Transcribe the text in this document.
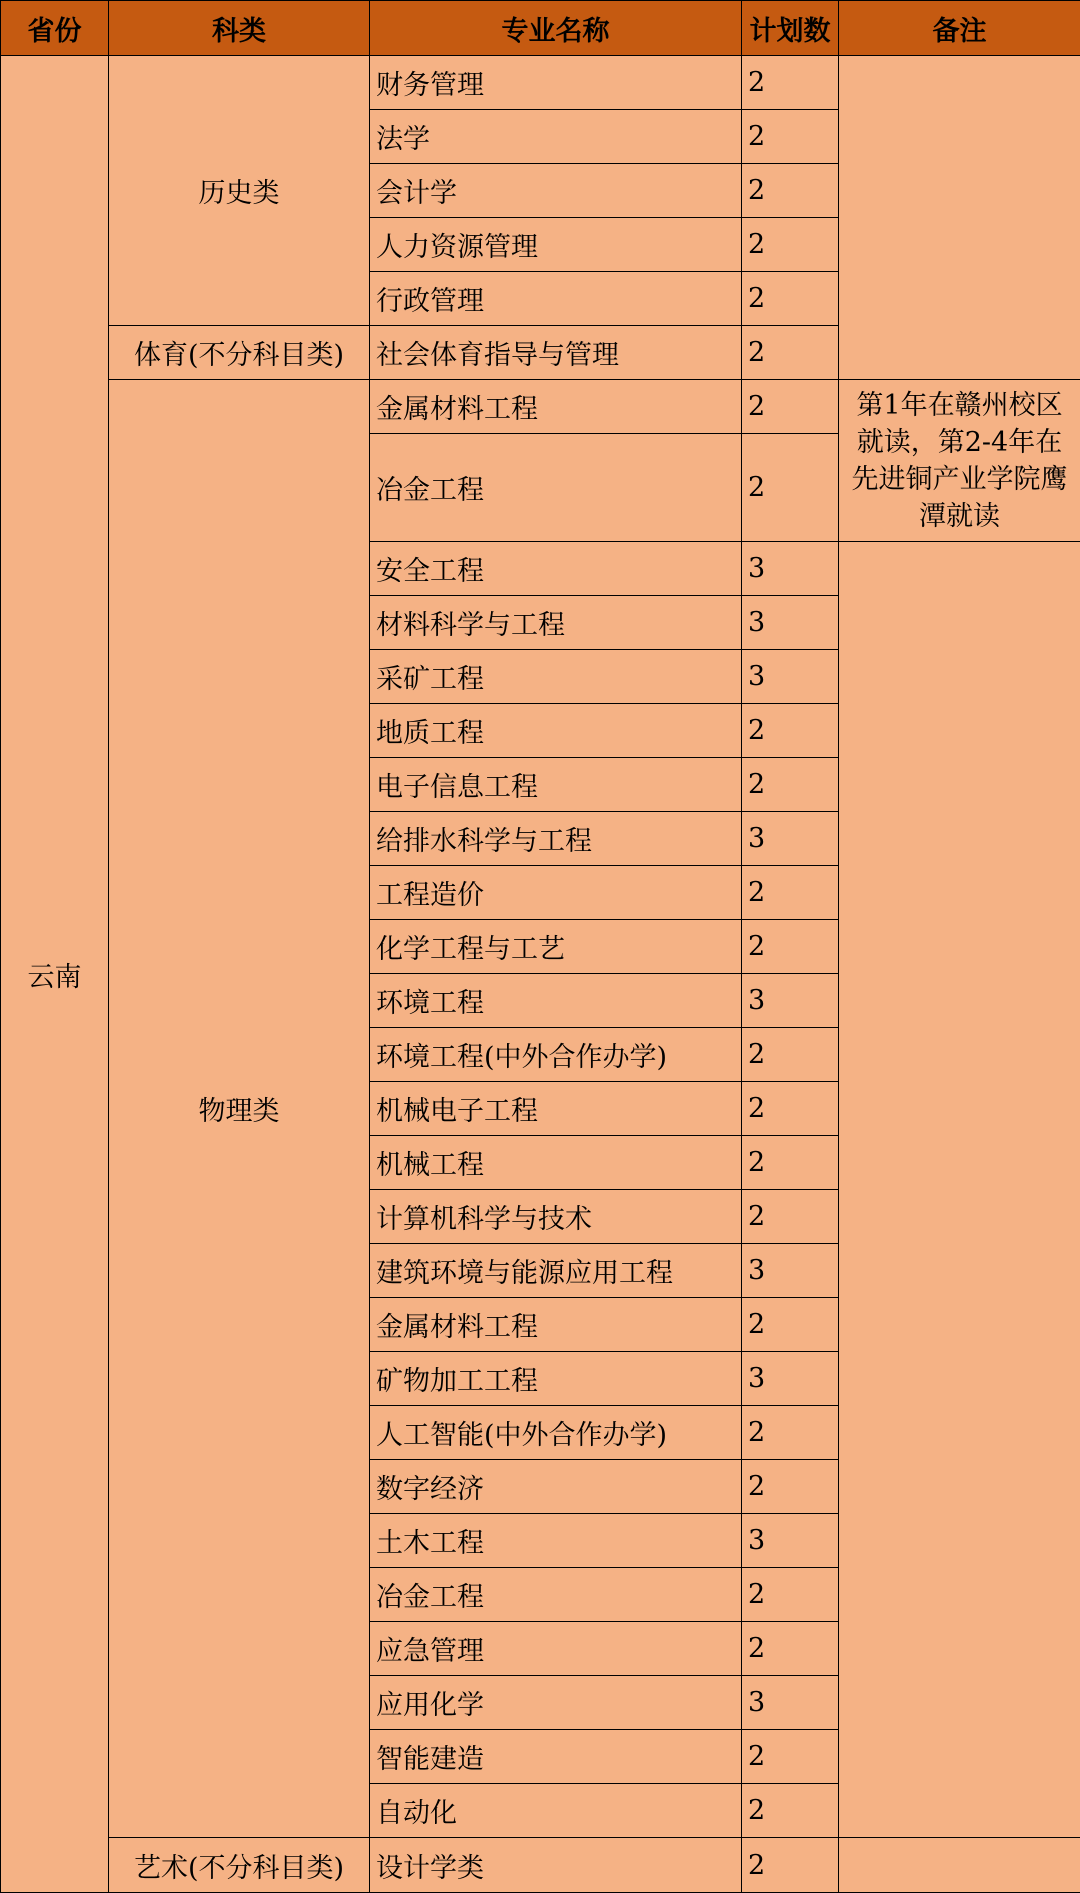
省份	科类	专业名称	计划数	备注
云南	历史类	财务管理	2	
		法学	2	
		会计学	2	
		人力资源管理	2	
		行政管理	2	
	体育(不分科目类)	社会体育指导与管理	2	
	物理类	金属材料工程	2	第1年在赣州校区就读，第2-4年在先进铜产业学院鹰潭就读
		冶金工程	2	
		安全工程	3	
		材料科学与工程	3	
		采矿工程	3	
		地质工程	2	
		电子信息工程	2	
		给排水科学与工程	3	
		工程造价	2	
		化学工程与工艺	2	
		环境工程	3	
		环境工程(中外合作办学)	2	
		机械电子工程	2	
		机械工程	2	
		计算机科学与技术	2	
		建筑环境与能源应用工程	3	
		金属材料工程	2	
		矿物加工工程	3	
		人工智能(中外合作办学)	2	
		数字经济	2	
		土木工程	3	
		冶金工程	2	
		应急管理	2	
		应用化学	3	
		智能建造	2	
		自动化	2	
	艺术(不分科目类)	设计学类	2	
